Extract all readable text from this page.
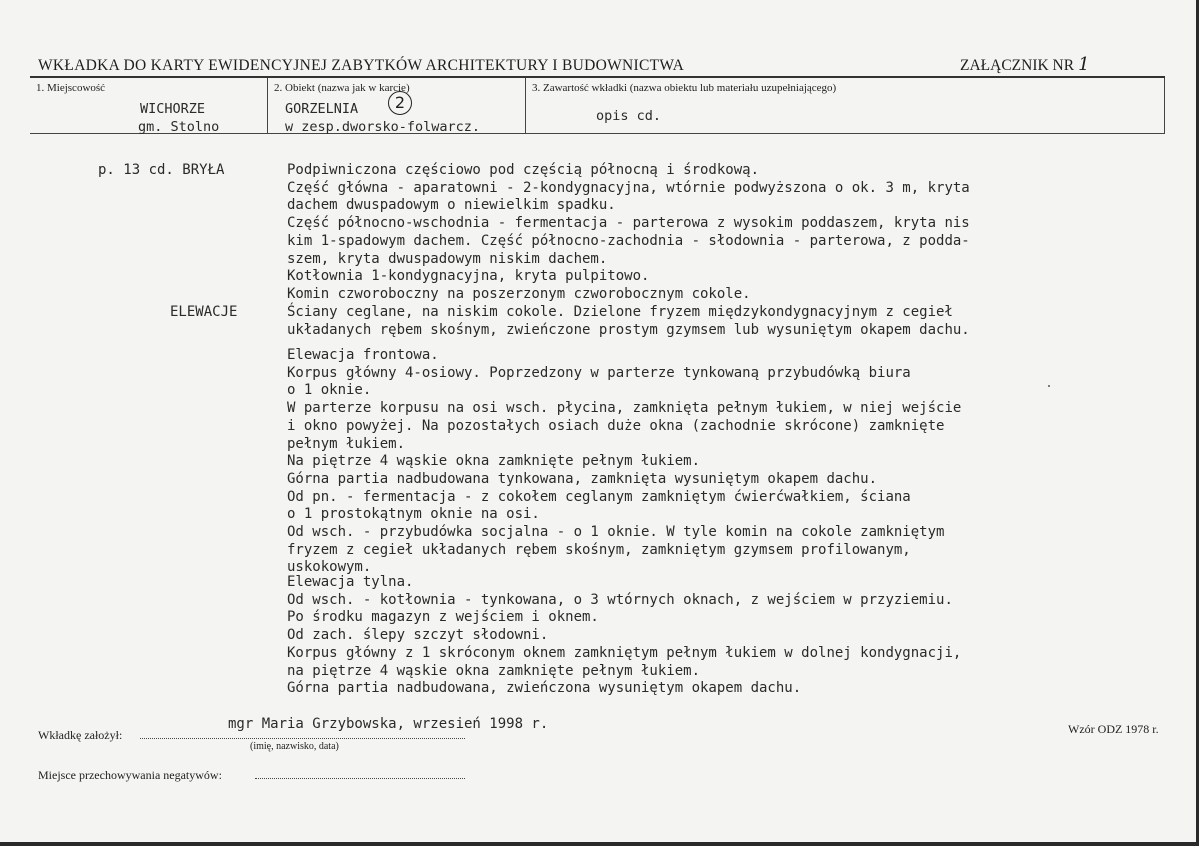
WKŁADKA DO KARTY EWIDENCYJNEJ ZABYTKÓW ARCHITEKTURY I BUDOWNICTWA	ZAŁĄCZNIK NR 1
1. Miejscowość
WICHORZE
gm. Stolno
2. Obiekt (nazwa jak w karcie)
2
GORZELNIA
w zesp.dworsko-folwarcz.
3. Zawartość wkładki (nazwa obiektu lub materiału uzupełniającego)
opis cd.
p. 13 cd. BRYŁA	Podpiwniczona częściowo pod częścią północną i środkową.
Część główna - aparatowni - 2-kondygnacyjna, wtórnie podwyższona o ok. 3 m, kryta
dachem dwuspadowym o niewielkim spadku.
Część północno-wschodnia - fermentacja - parterowa z wysokim poddaszem, kryta nis
kim 1-spadowym dachem. Część północno-zachodnia - słodownia - parterowa, z podda-
szem, kryta dwuspadowym niskim dachem.
Kotłownia 1-kondygnacyjna, kryta pulpitowo.
Komin czworoboczny na poszerzonym czworobocznym cokole.
ELEWACJE	Ściany ceglane, na niskim cokole. Dzielone fryzem międzykondygnacyjnym z cegieł
układanych rębem skośnym, zwieńczone prostym gzymsem lub wysuniętym okapem dachu.
Elewacja frontowa.
Korpus główny 4-osiowy. Poprzedzony w parterze tynkowaną przybudówką biura
o 1 oknie.
W parterze korpusu na osi wsch. płycina, zamknięta pełnym łukiem, w niej wejście
i okno powyżej. Na pozostałych osiach duże okna (zachodnie skrócone) zamknięte
pełnym łukiem.
Na piętrze 4 wąskie okna zamknięte pełnym łukiem.
Górna partia nadbudowana tynkowana, zamknięta wysuniętym okapem dachu.
Od pn. - fermentacja - z cokołem ceglanym zamkniętym ćwierćwałkiem, ściana
o 1 prostokątnym oknie na osi.
Od wsch. - przybudówka socjalna - o 1 oknie. W tyle komin na cokole zamkniętym
fryzem z cegieł układanych rębem skośnym, zamkniętym gzymsem profilowanym,
uskokowym.
Elewacja tylna.
Od wsch. - kotłownia - tynkowana, o 3 wtórnych oknach, z wejściem w przyziemiu.
Po środku magazyn z wejściem i oknem.
Od zach. ślepy szczyt słodowni.
Korpus główny z 1 skróconym oknem zamkniętym pełnym łukiem w dolnej kondygnacji,
na piętrze 4 wąskie okna zamknięte pełnym łukiem.
Górna partia nadbudowana, zwieńczona wysuniętym okapem dachu.
Wkładkę założył:
mgr Maria Grzybowska, wrzesień 1998 r.
(imię, nazwisko, data)
Miejsce przechowywania negatywów:
Wzór ODZ 1978 r.
